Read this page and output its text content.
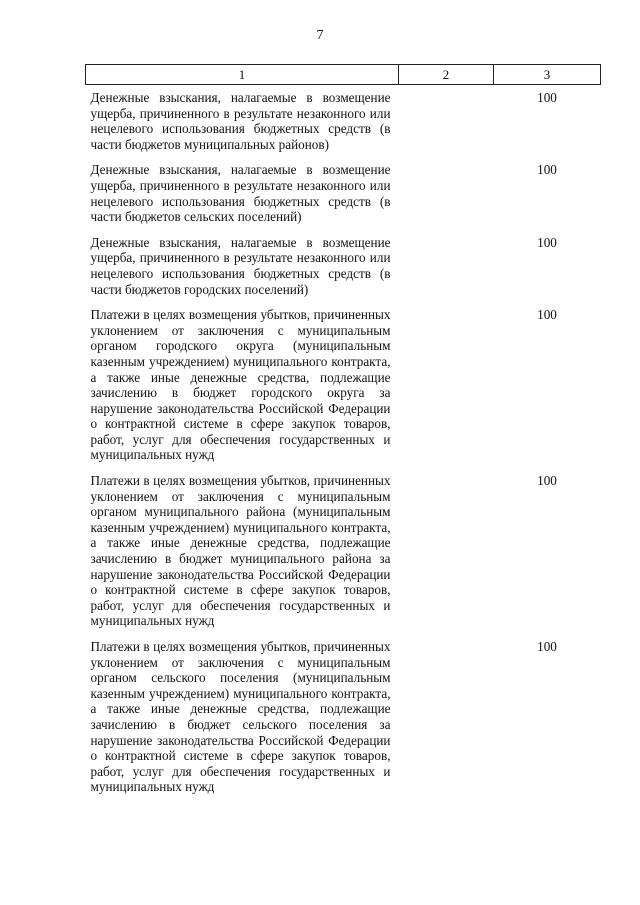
7
1	2	3
Денежные взыскания, налагаемые в возмещение ущерба, причиненного в результате незаконного или нецелевого использования бюджетных средств (в части бюджетов муниципальных районов)		100
Денежные взыскания, налагаемые в возмещение ущерба, причиненного в результате незаконного или нецелевого использования бюджетных средств (в части бюджетов сельских поселений)		100
Денежные взыскания, налагаемые в возмещение ущерба, причиненного в результате незаконного или нецелевого использования бюджетных средств (в части бюджетов городских поселений)		100
Платежи в целях возмещения убытков, причиненных уклонением от заключения с муниципальным органом городского округа (муниципальным казенным учреждением) муниципального контракта, а также иные денежные средства, подлежащие зачислению в бюджет городского округа за нарушение законодательства Российской Федерации о контрактной системе в сфере закупок товаров, работ, услуг для обеспечения государственных и муниципальных нужд		100
Платежи в целях возмещения убытков, причиненных уклонением от заключения с муниципальным органом муниципального района (муниципальным казенным учреждением) муниципального контракта, а также иные денежные средства, подлежащие зачислению в бюджет муниципального района за нарушение законодательства Российской Федерации о контрактной системе в сфере закупок товаров, работ, услуг для обеспечения государственных и муниципальных нужд		100
Платежи в целях возмещения убытков, причиненных уклонением от заключения с муниципальным органом сельского поселения (муниципальным казенным учреждением) муниципального контракта, а также иные денежные средства, подлежащие зачислению в бюджет сельского поселения за нарушение законодательства Российской Федерации о контрактной системе в сфере закупок товаров, работ, услуг для обеспечения государственных и муниципальных нужд		100
